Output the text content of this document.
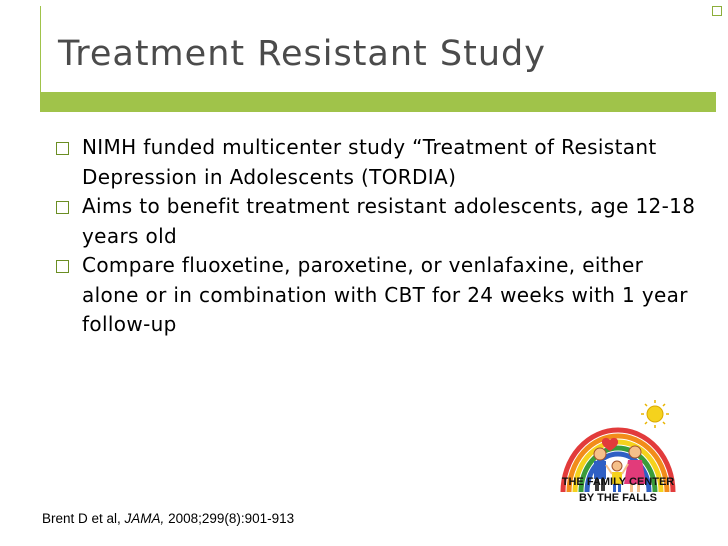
Treatment Resistant Study
NIMH funded multicenter study “Treatment of Resistant Depression in Adolescents (TORDIA)
Aims to benefit treatment resistant adolescents, age 12-18 years old
Compare fluoxetine, paroxetine, or venlafaxine, either alone or in combination with CBT for 24 weeks with 1 year follow-up
THE FAMILY CENTER
BY THE FALLS
Brent D et al, JAMA, 2008;299(8):901-913
